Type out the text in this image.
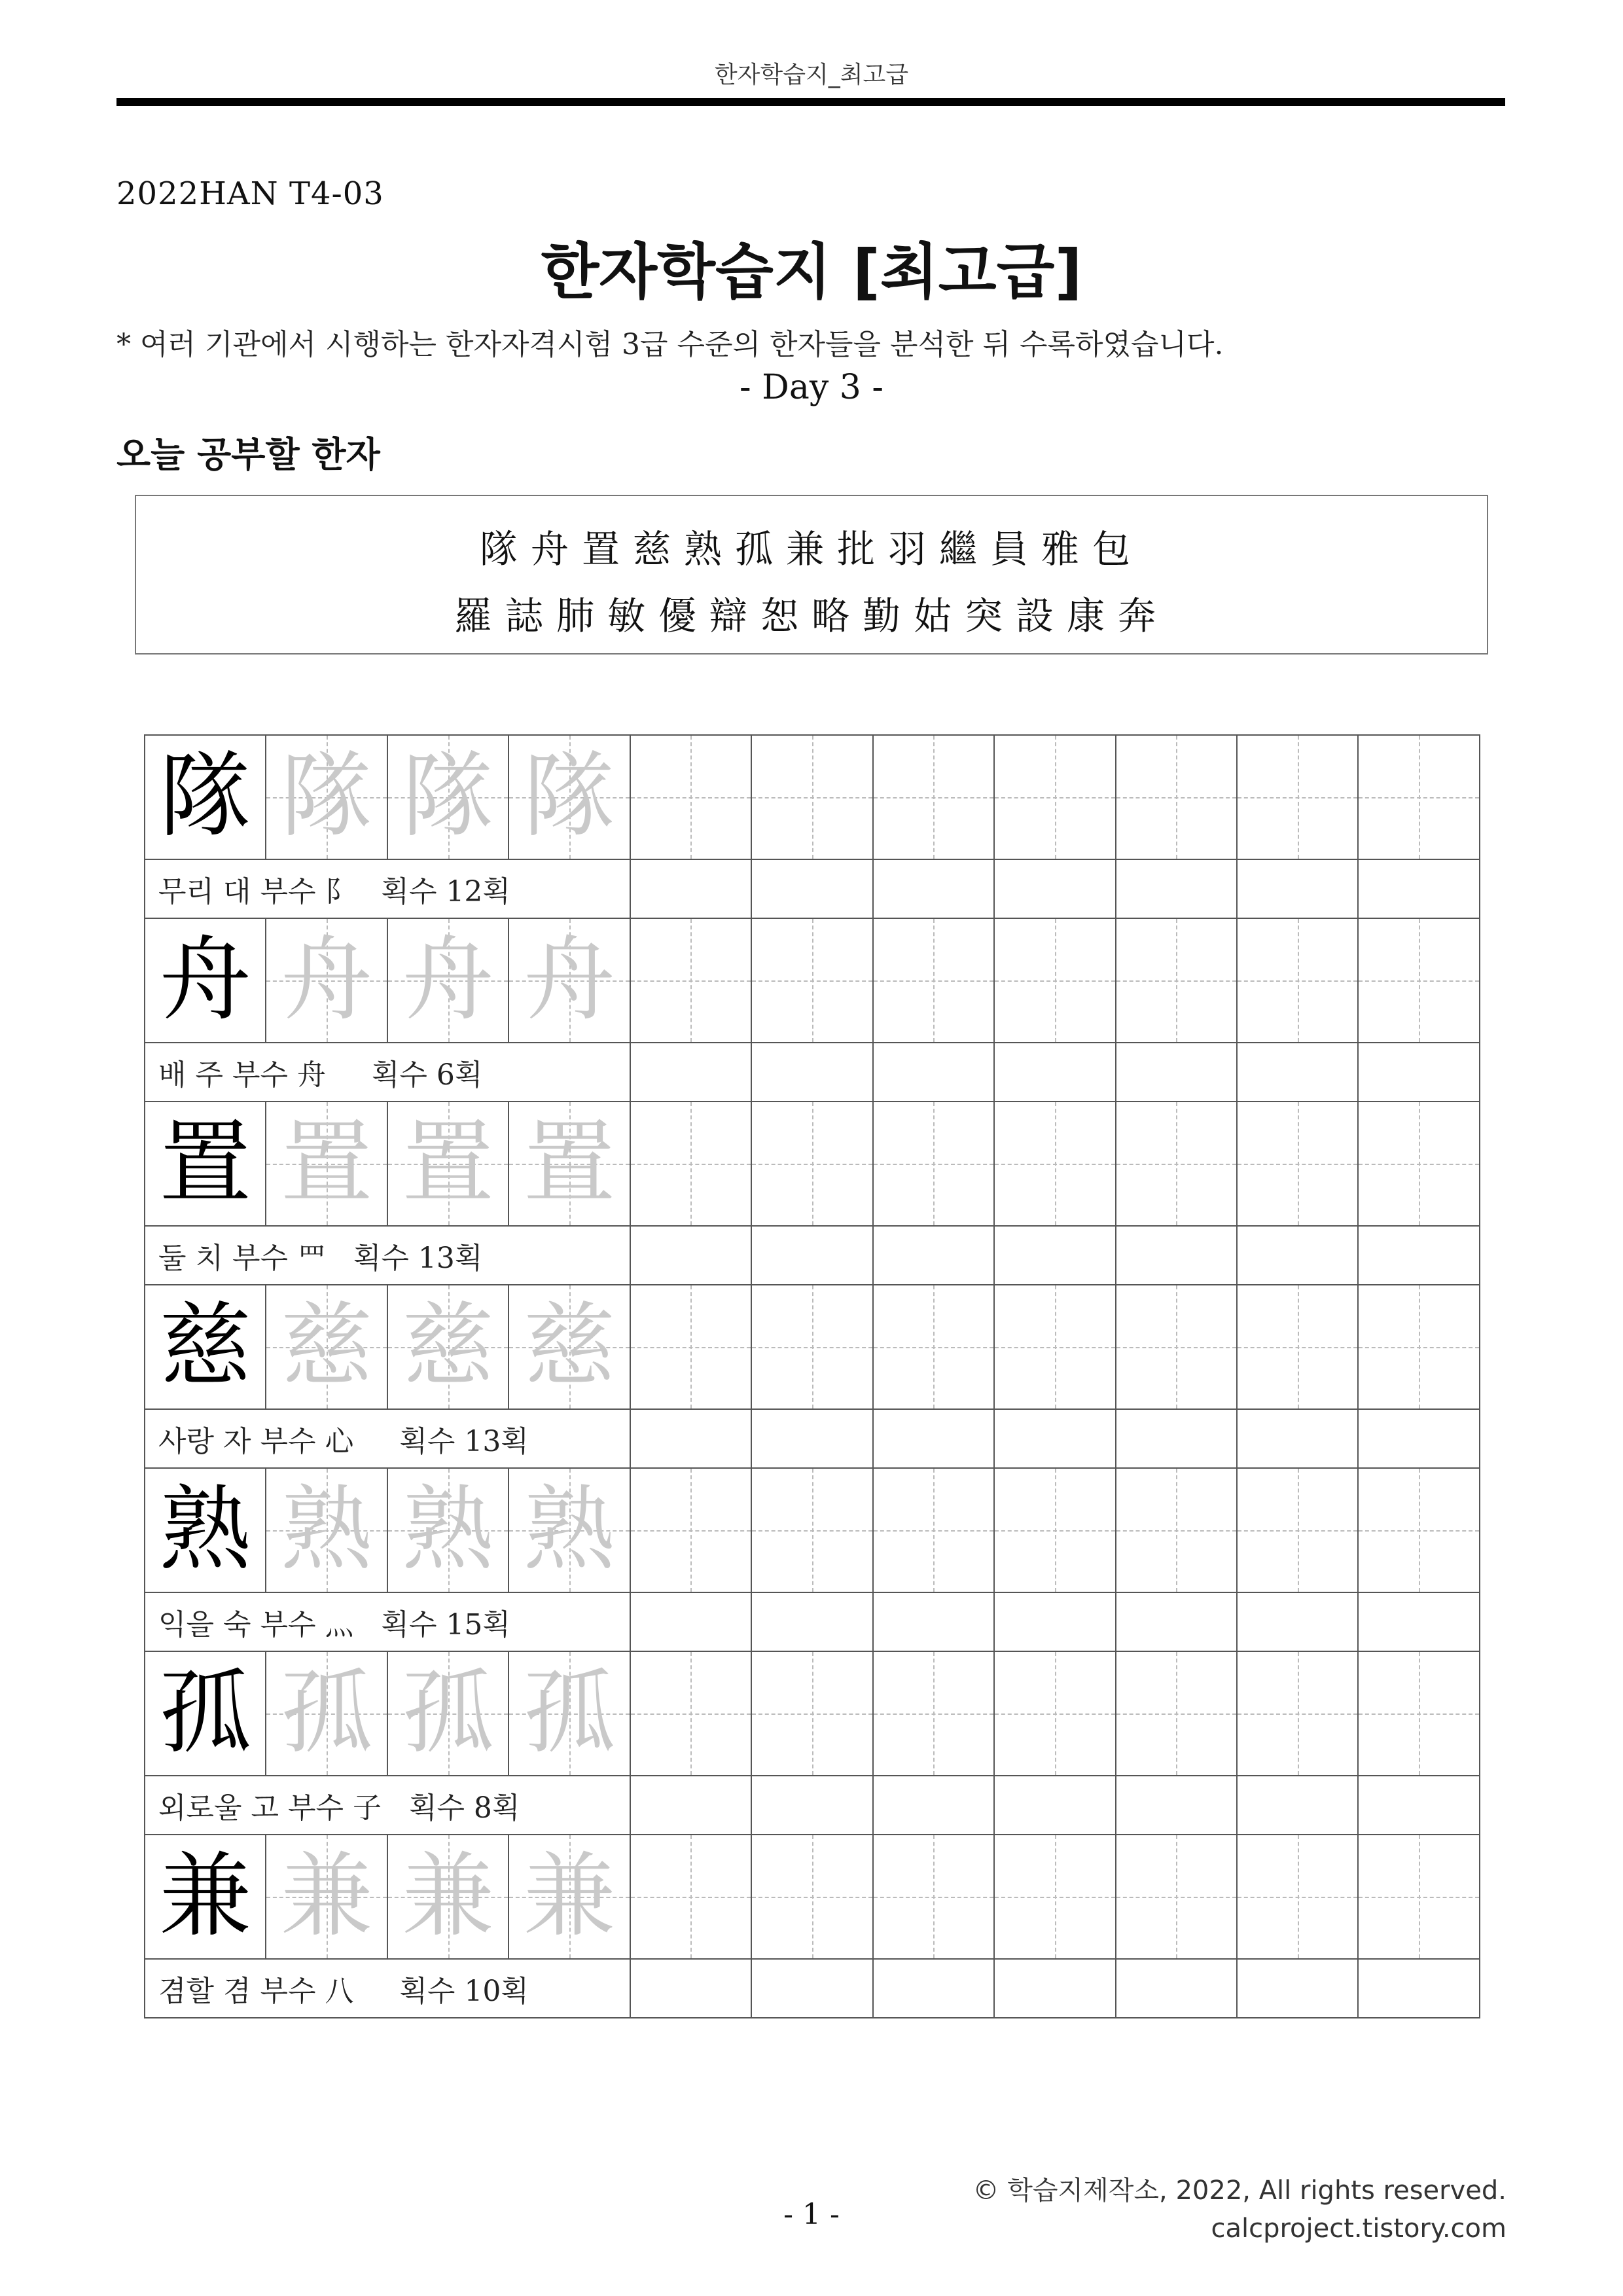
한자학습지_최고급
2022HAN T4-03
한자학습지 [최고급]
* 여러 기관에서 시행하는 한자자격시험 3급 수준의 한자들을 분석한 뒤 수록하였습니다.
- Day 3 -
오늘 공부할 한자
隊舟置慈熟孤兼批羽繼員雅包
羅誌肺敏優辯恕略勤姑突設康奔
隊 隊 隊 隊
무리 대 부수 阝   획수 12획
舟 舟 舟 舟
배 주 부수 舟     획수 6획
置 置 置 置
둘 치 부수 罒   획수 13획
慈 慈 慈 慈
사랑 자 부수 心     획수 13획
熟 熟 熟 熟
익을 숙 부수 灬   획수 15획
孤 孤 孤 孤
외로울 고 부수 子   획수 8획
兼 兼 兼 兼
겸할 겸 부수 八     획수 10획
© 학습지제작소, 2022, All rights reserved.
calcproject.tistory.com
- 1 -
